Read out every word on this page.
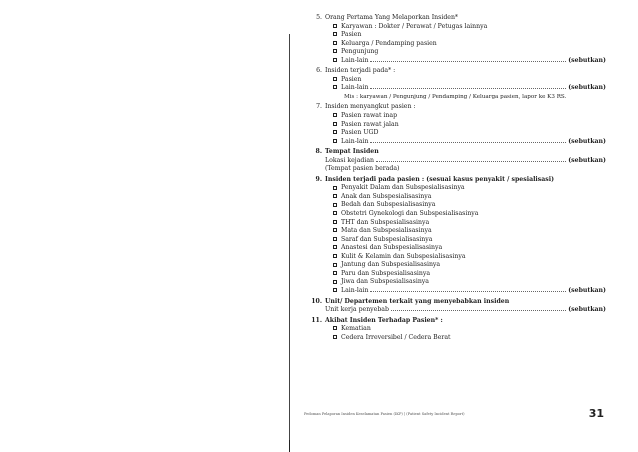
5. Orang Pertama Yang Melaporkan Insiden*
Karyawan : Dokter / Perawat / Petugas lainnya
Pasien
Keluarga / Pendamping pasien
Pengunjung
Lain-lain	(sebutkan)
6. Insiden terjadi pada* :
Pasien
Lain-lain	(sebutkan)
Mis : karyawan / Pengunjung / Pendamping / Keluarga pasien, lapor ke K3 RS.
7. Insiden menyangkut pasien :
Pasien rawat inap
Pasien rawat jalan
Pasien UGD
Lain-lain	(sebutkan)
8. Tempat Insiden
Lokasi kejadian	(sebutkan)
(Tempat pasien berada)
9. Insiden terjadi pada pasien : (sesuai kasus penyakit / spesialisasi)
Penyakit Dalam dan Subspesialisasinya
Anak dan Subspesialisasinya
Bedah dan Subspesialisasinya
Obstetri Gynekologi dan Subspesialisasinya
THT dan Subspesialisasinya
Mata dan Subspesialisasinya
Saraf dan Subspesialisasinya
Anastesi dan Subspesialisasinya
Kulit & Kelamin dan Subspesialisasinya
Jantung dan Subspesialisasinya
Paru dan Subspesialisasinya
Jiwa dan Subspesialisasinya
Lain-lain	(sebutkan)
10. Unit/ Departemen terkait yang menyebabkan insiden
Unit kerja penyebab	(sebutkan)
11. Akibat Insiden Terhadap Pasien* :
Kematian
Cedera Irreversibel / Cedera Berat
Pedoman Pelaporan Insiden Keselamatan Pasien (IKP) | (Patient Safety Incident Report)	31
